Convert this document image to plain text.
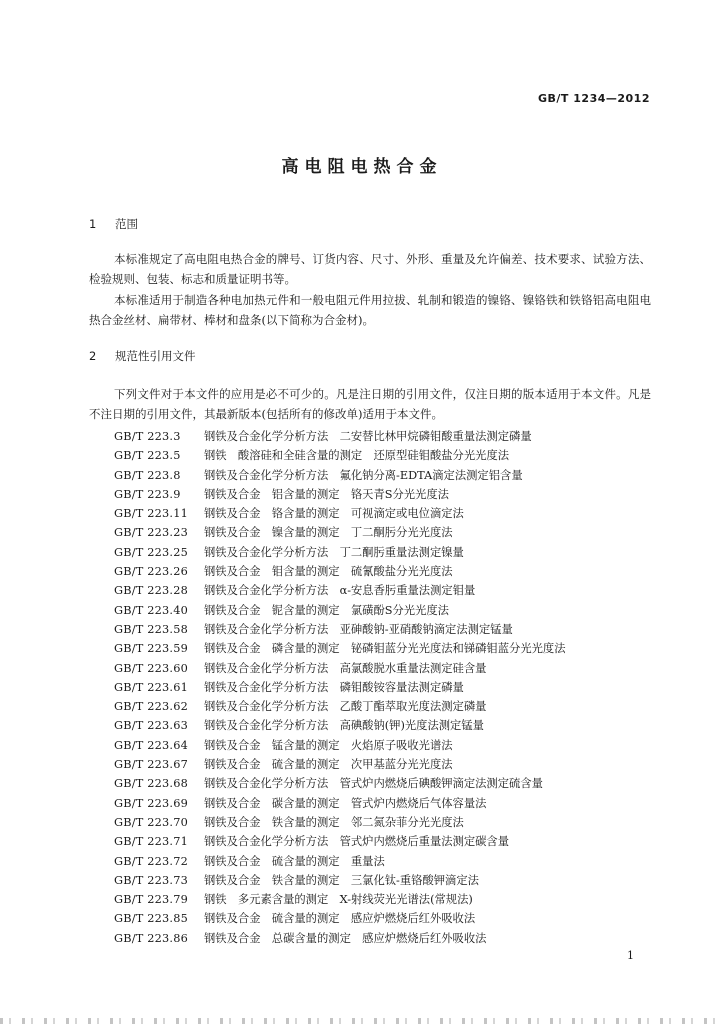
GB/T 1234—2012
高电阻电热合金
1 范围

本标准规定了高电阻电热合金的牌号、订货内容、尺寸、外形、重量及允许偏差、技术要求、试验方法、检验规则、包装、标志和质量证明书等。

本标准适用于制造各种电加热元件和一般电阻元件用拉拔、轧制和锻造的镍铬、镍铬铁和铁铬铝高电阻电热合金丝材、扁带材、棒材和盘条(以下简称为合金材)。

2 规范性引用文件

下列文件对于本文件的应用是必不可少的。凡是注日期的引用文件，仅注日期的版本适用于本文件。凡是不注日期的引用文件，其最新版本(包括所有的修改单)适用于本文件。

GB/T 223.3 钢铁及合金化学分析方法　二安替比林甲烷磷钼酸重量法测定磷量
GB/T 223.5 钢铁　酸溶硅和全硅含量的测定　还原型硅钼酸盐分光光度法
GB/T 223.8 钢铁及合金化学分析方法　氟化钠分离-EDTA滴定法测定铝含量
GB/T 223.9 钢铁及合金　铝含量的测定　铬天青S分光光度法
GB/T 223.11 钢铁及合金　铬含量的测定　可视滴定或电位滴定法
GB/T 223.23 钢铁及合金　镍含量的测定　丁二酮肟分光光度法
GB/T 223.25 钢铁及合金化学分析方法　丁二酮肟重量法测定镍量
GB/T 223.26 钢铁及合金　钼含量的测定　硫氰酸盐分光光度法
GB/T 223.28 钢铁及合金化学分析方法　α-安息香肟重量法测定钼量
GB/T 223.40 钢铁及合金　铌含量的测定　氯磺酚S分光光度法
GB/T 223.58 钢铁及合金化学分析方法　亚砷酸钠-亚硝酸钠滴定法测定锰量
GB/T 223.59 钢铁及合金　磷含量的测定　铋磷钼蓝分光光度法和锑磷钼蓝分光光度法
GB/T 223.60 钢铁及合金化学分析方法　高氯酸脱水重量法测定硅含量
GB/T 223.61 钢铁及合金化学分析方法　磷钼酸铵容量法测定磷量
GB/T 223.62 钢铁及合金化学分析方法　乙酸丁酯萃取光度法测定磷量
GB/T 223.63 钢铁及合金化学分析方法　高碘酸钠(钾)光度法测定锰量
GB/T 223.64 钢铁及合金　锰含量的测定　火焰原子吸收光谱法
GB/T 223.67 钢铁及合金　硫含量的测定　次甲基蓝分光光度法
GB/T 223.68 钢铁及合金化学分析方法　管式炉内燃烧后碘酸钾滴定法测定硫含量
GB/T 223.69 钢铁及合金　碳含量的测定　管式炉内燃烧后气体容量法
GB/T 223.70 钢铁及合金　铁含量的测定　邻二氮杂菲分光光度法
GB/T 223.71 钢铁及合金化学分析方法　管式炉内燃烧后重量法测定碳含量
GB/T 223.72 钢铁及合金　硫含量的测定　重量法
GB/T 223.73 钢铁及合金　铁含量的测定　三氯化钛-重铬酸钾滴定法
GB/T 223.79 钢铁　多元素含量的测定　X-射线荧光光谱法(常规法)
GB/T 223.85 钢铁及合金　硫含量的测定　感应炉燃烧后红外吸收法
GB/T 223.86 钢铁及合金　总碳含量的测定　感应炉燃烧后红外吸收法
1
